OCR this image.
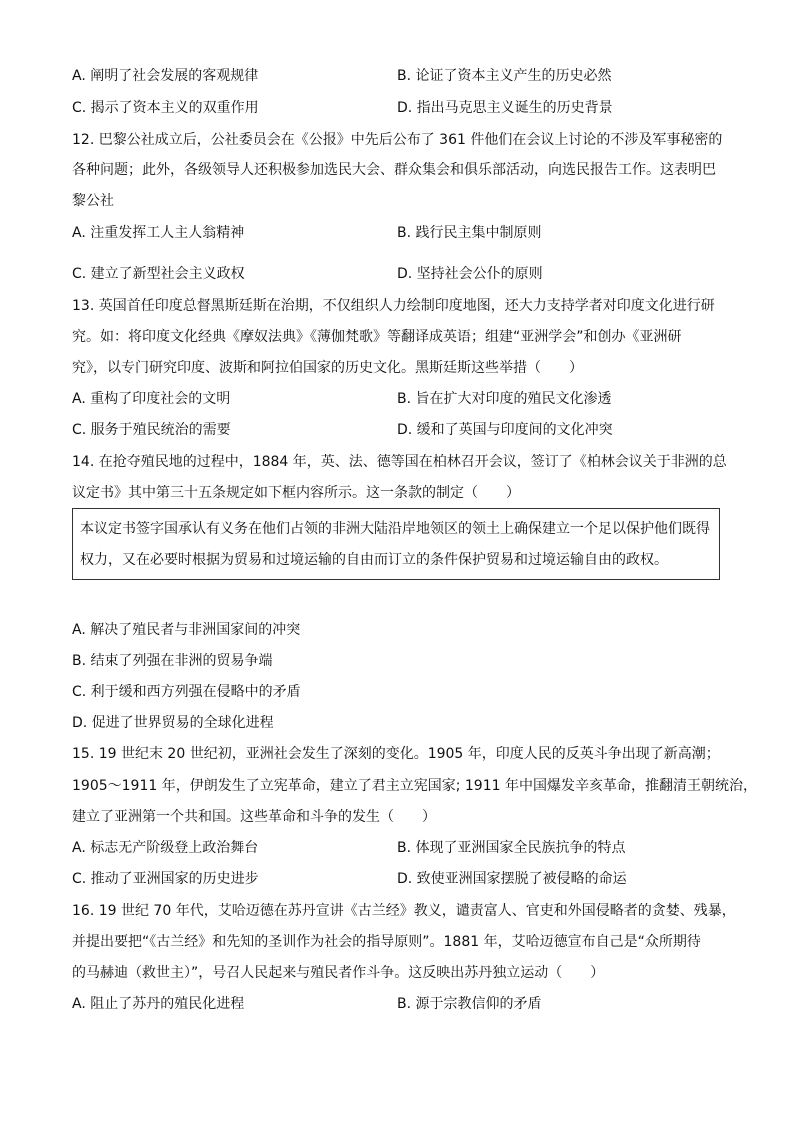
A. 阐明了社会发展的客观规律	B. 论证了资本主义产生的历史必然
C. 揭示了资本主义的双重作用	D. 指出马克思主义诞生的历史背景
12. 巴黎公社成立后，公社委员会在《公报》中先后公布了 361 件他们在会议上讨论的不涉及军事秘密的
各种问题；此外，各级领导人还积极参加选民大会、群众集会和俱乐部活动，向选民报告工作。这表明巴
黎公社
A. 注重发挥工人主人翁精神	B. 践行民主集中制原则
C. 建立了新型社会主义政权	D. 坚持社会公仆的原则
13. 英国首任印度总督黑斯廷斯在治期，不仅组织人力绘制印度地图，还大力支持学者对印度文化进行研
究。如：将印度文化经典《摩奴法典》《薄伽梵歌》等翻译成英语；组建“亚洲学会”和创办《亚洲研
究》，以专门研究印度、波斯和阿拉伯国家的历史文化。黑斯廷斯这些举措（　　）
A. 重构了印度社会的文明	B. 旨在扩大对印度的殖民文化渗透
C. 服务于殖民统治的需要	D. 缓和了英国与印度间的文化冲突
14. 在抢夺殖民地的过程中，1884 年，英、法、德等国在柏林召开会议，签订了《柏林会议关于非洲的总
议定书》其中第三十五条规定如下框内容所示。这一条款的制定（　　）
本议定书签字国承认有义务在他们占领的非洲大陆沿岸地领区的领土上确保建立一个足以保护他们既得
权力，又在必要时根据为贸易和过境运输的自由而订立的条件保护贸易和过境运输自由的政权。
A. 解决了殖民者与非洲国家间的冲突
B. 结束了列强在非洲的贸易争端
C. 利于缓和西方列强在侵略中的矛盾
D. 促进了世界贸易的全球化进程
15. 19 世纪末 20 世纪初，亚洲社会发生了深刻的变化。1905 年，印度人民的反英斗争出现了新高潮；
1905～1911 年，伊朗发生了立宪革命，建立了君主立宪国家; 1911 年中国爆发辛亥革命，推翻清王朝统治，
建立了亚洲第一个共和国。这些革命和斗争的发生（　　）
A. 标志无产阶级登上政治舞台	B. 体现了亚洲国家全民族抗争的特点
C. 推动了亚洲国家的历史进步	D. 致使亚洲国家摆脱了被侵略的命运
16. 19 世纪 70 年代，艾哈迈德在苏丹宣讲《古兰经》教义，谴责富人、官吏和外国侵略者的贪婪、残暴，
并提出要把“《古兰经》和先知的圣训作为社会的指导原则”。1881 年，艾哈迈德宣布自己是“众所期待
的马赫迪（救世主）”，号召人民起来与殖民者作斗争。这反映出苏丹独立运动（　　）
A. 阻止了苏丹的殖民化进程	B. 源于宗教信仰的矛盾
